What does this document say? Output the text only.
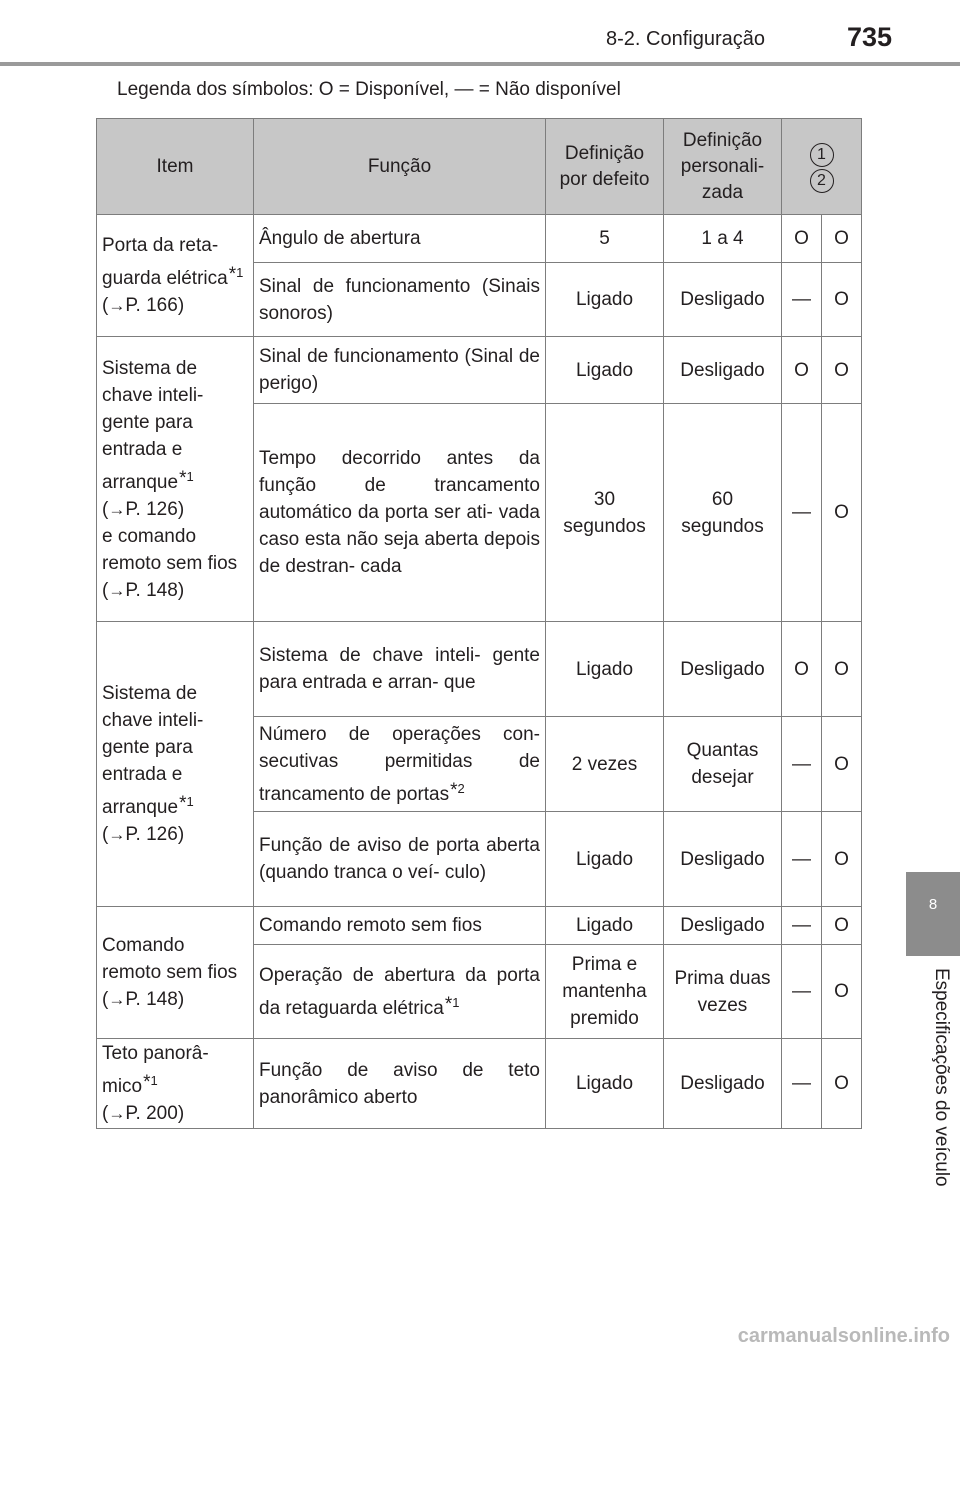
8-2. Configuração	735
Legenda dos símbolos: O = Disponível, — = Não disponível
Item	Função	Definição por defeito	Definição personali- zada	12	
Porta da reta- guarda elétrica$^{*1}$
(→P. 166)	Ângulo de abertura	5	1 a 4	O	O
	Sinal de funcionamento (Sinais sonoros)	Ligado	Desligado	—	O
Sistema de chave inteli- gente para entrada e arranque$^{*1}$
(→P. 126)
e comando remoto sem fios
(→P. 148)	Sinal de funcionamento (Sinal de perigo)	Ligado	Desligado	O	O
	Tempo decorrido antes da função de trancamento automático da porta ser ati- vada caso esta não seja aberta depois de destran- cada	30 segundos	60 segundos	—	O
Sistema de chave inteli- gente para entrada e arranque$^{*1}$
(→P. 126)	Sistema de chave inteli- gente para entrada e arran- que	Ligado	Desligado	O	O
	Número de operações con- secutivas permitidas de trancamento de portas$^{*2}$	2 vezes	Quantas desejar	—	O
	Função de aviso de porta aberta (quando tranca o veí- culo)	Ligado	Desligado	—	O
Comando remoto sem fios
(→P. 148)	Comando remoto sem fios	Ligado	Desligado	—	O
	Operação de abertura da porta da retaguarda elétrica$^{*1}$	Prima e mantenha premido	Prima duas vezes	—	O
Teto panorâ- mico$^{*1}$
(→P. 200)	Função de aviso de teto panorâmico aberto	Ligado	Desligado	—	O
8
Especificações do veículo
carmanualsonline.info
